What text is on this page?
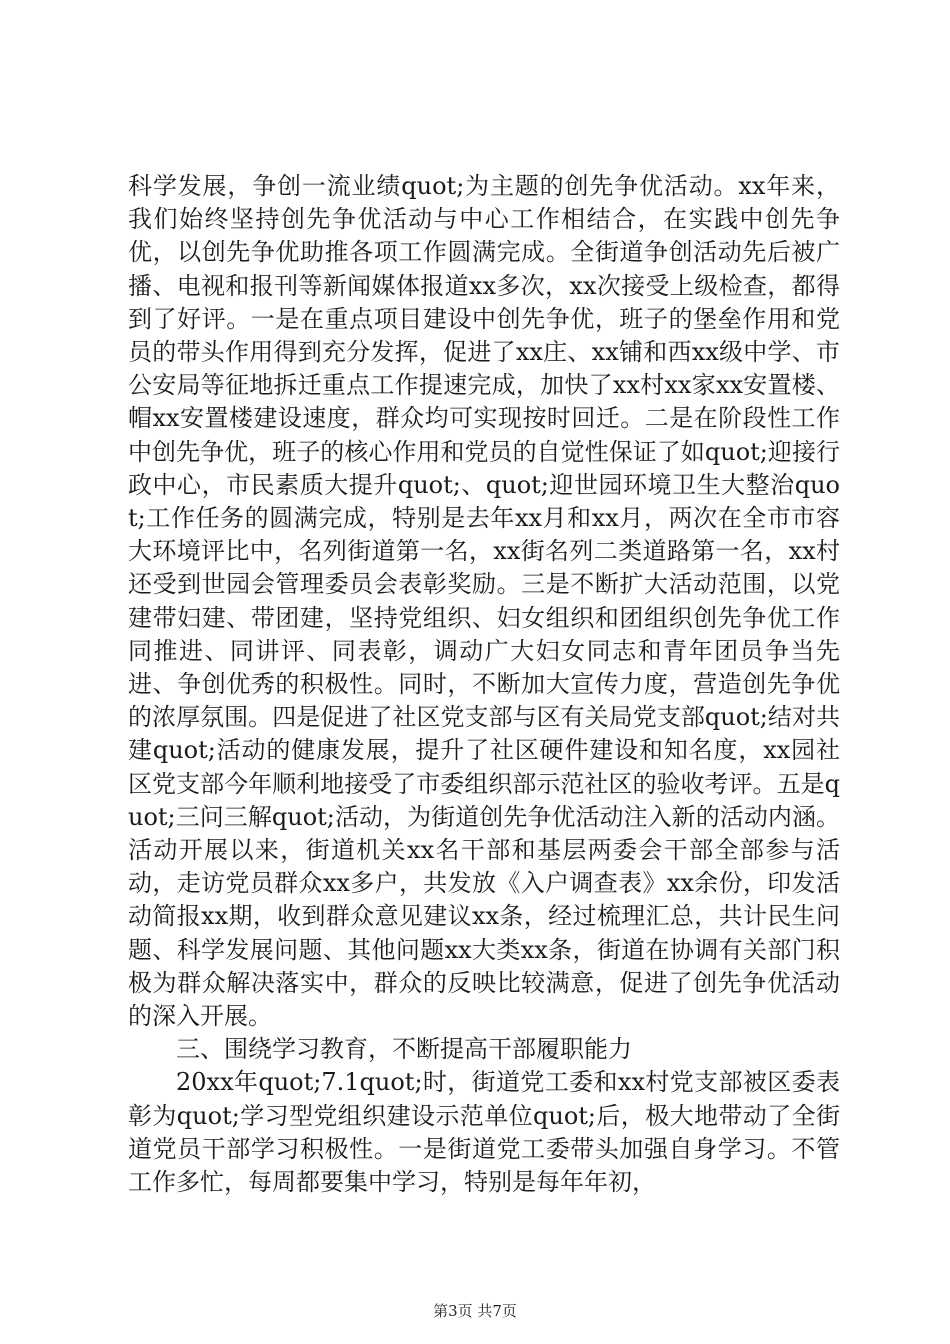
科学发展，争创一流业绩quot;为主题的创先争优活动。xx年来，我们始终坚持创先争优活动与中心工作相结合，在实践中创先争优，以创先争优助推各项工作圆满完成。全街道争创活动先后被广播、电视和报刊等新闻媒体报道xx多次，xx次接受上级检查，都得到了好评。一是在重点项目建设中创先争优，班子的堡垒作用和党员的带头作用得到充分发挥，促进了xx庄、xx铺和西xx级中学、市公安局等征地拆迁重点工作提速完成，加快了xx村xx家xx安置楼、帽xx安置楼建设速度，群众均可实现按时回迁。二是在阶段性工作中创先争优，班子的核心作用和党员的自觉性保证了如quot;迎接行政中心，市民素质大提升quot;、quot;迎世园环境卫生大整治quot;工作任务的圆满完成，特别是去年xx月和xx月，两次在全市市容大环境评比中，名列街道第一名，xx街名列二类道路第一名，xx村还受到世园会管理委员会表彰奖励。三是不断扩大活动范围，以党建带妇建、带团建，坚持党组织、妇女组织和团组织创先争优工作同推进、同讲评、同表彰，调动广大妇女同志和青年团员争当先进、争创优秀的积极性。同时，不断加大宣传力度，营造创先争优的浓厚氛围。四是促进了社区党支部与区有关局党支部quot;结对共建quot;活动的健康发展，提升了社区硬件建设和知名度，xx园社区党支部今年顺利地接受了市委组织部示范社区的验收考评。五是quot;三问三解quot;活动，为街道创先争优活动注入新的活动内涵。活动开展以来，街道机关xx名干部和基层两委会干部全部参与活动，走访党员群众xx多户，共发放《入户调查表》xx余份，印发活动简报xx期，收到群众意见建议xx条，经过梳理汇总，共计民生问题、科学发展问题、其他问题xx大类xx条，街道在协调有关部门积极为群众解决落实中，群众的反映比较满意，促进了创先争优活动的深入开展。

三、围绕学习教育，不断提高干部履职能力

20xx年quot;7.1quot;时，街道党工委和xx村党支部被区委表彰为quot;学习型党组织建设示范单位quot;后，极大地带动了全街道党员干部学习积极性。一是街道党工委带头加强自身学习。不管工作多忙，每周都要集中学习，特别是每年年初，

第3页 共7页
